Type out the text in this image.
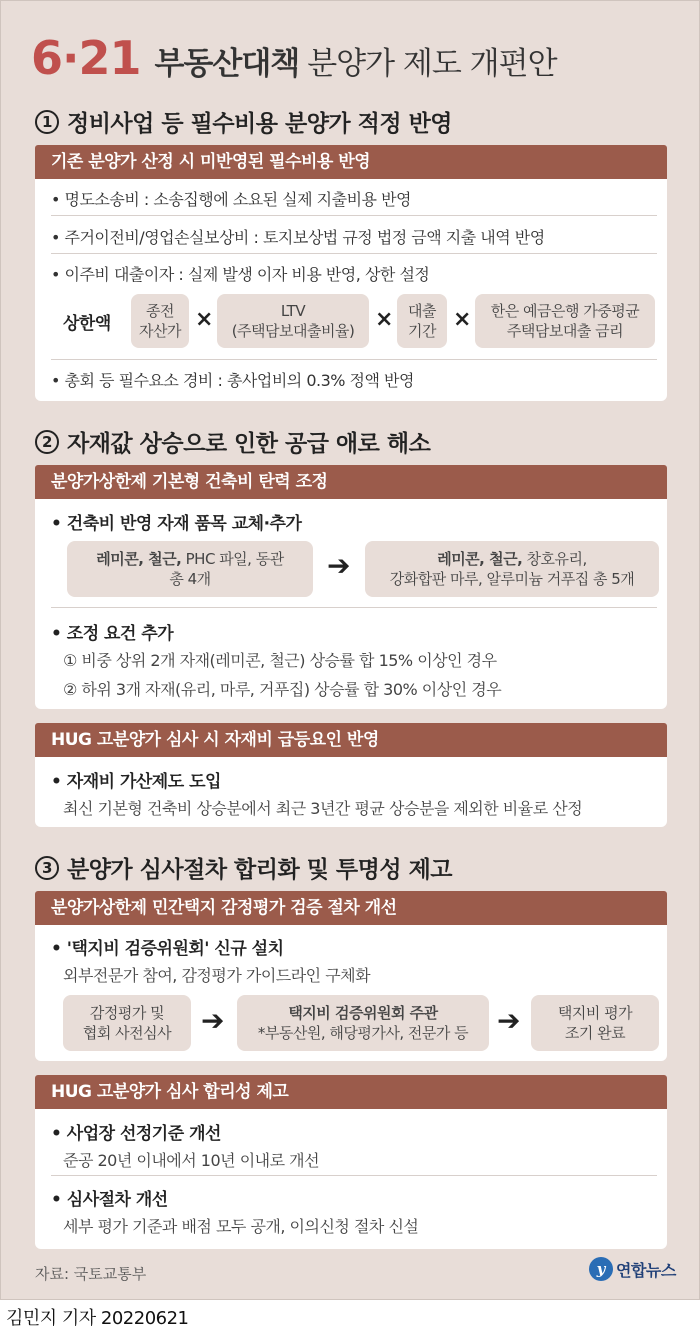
6·21 부동산대책 분양가 제도 개편안
1 정비사업 등 필수비용 분양가 적정 반영
기존 분양가 산정 시 미반영된 필수비용 반영
• 명도소송비 : 소송집행에 소요된 실제 지출비용 반영
• 주거이전비/영업손실보상비 : 토지보상법 규정 법정 금액 지출 내역 반영
• 이주비 대출이자 : 실제 발생 이자 비용 반영, 상한 설정
상한액
종전
자산가 ×	LTV
(주택담보대출비율) × 대출
기간 × 한은 예금은행 가중평균
주택담보대출 금리
• 총회 등 필수요소 경비 : 총사업비의 0.3% 정액 반영
2 자재값 상승으로 인한 공급 애로 해소
분양가상한제 기본형 건축비 탄력 조정
• 건축비 반영 자재 품목 교체·추가
레미콘, 철근, PHC 파일, 동관
총 4개	➔	레미콘, 철근, 창호유리,
강화합판 마루, 알루미늄 거푸집 총 5개
• 조정 요건 추가
① 비중 상위 2개 자재(레미콘, 철근) 상승률 합 15% 이상인 경우
② 하위 3개 자재(유리, 마루, 거푸집) 상승률 합 30% 이상인 경우
HUG 고분양가 심사 시 자재비 급등요인 반영
• 자재비 가산제도 도입
최신 기본형 건축비 상승분에서 최근 3년간 평균 상승분을 제외한 비율로 산정
3 분양가 심사절차 합리화 및 투명성 제고
분양가상한제 민간택지 감정평가 검증 절차 개선
• '택지비 검증위원회' 신규 설치
외부전문가 참여, 감정평가 가이드라인 구체화
감정평가 및
협회 사전심사 ➔	택지비 검증위원회 주관
*부동산원, 해당평가사, 전문가 등 ➔ 택지비 평가
조기 완료
HUG 고분양가 심사 합리성 제고
• 사업장 선정기준 개선
준공 20년 이내에서 10년 이내로 개선
• 심사절차 개선
세부 평가 기준과 배점 모두 공개, 이의신청 절차 신설
자료: 국토교통부	y 연합뉴스
김민지 기자 20220621
